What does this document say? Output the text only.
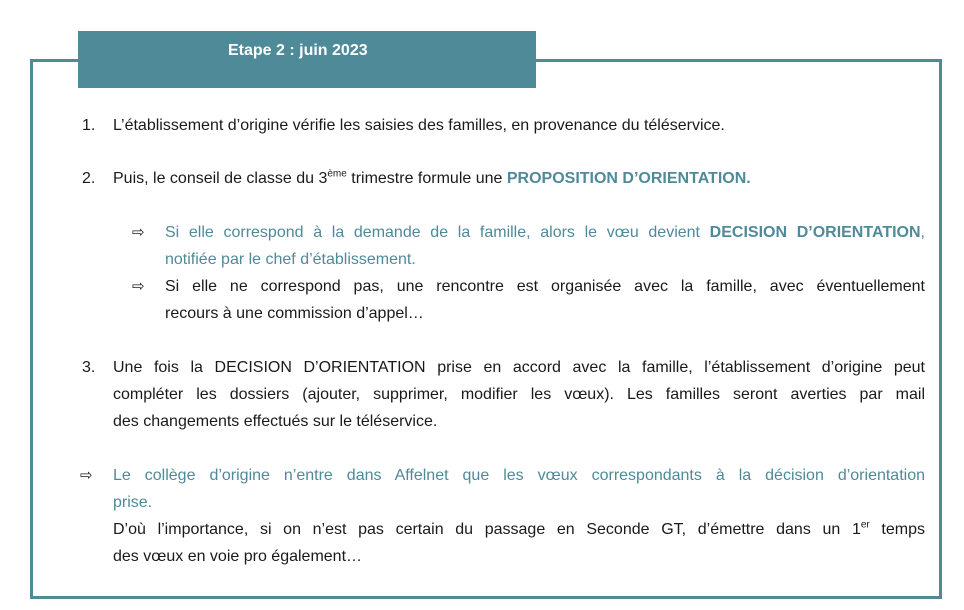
Etape 2 : juin 2023
1. L’établissement d’origine vérifie les saisies des familles, en provenance du téléservice.
2. Puis, le conseil de classe du 3ème trimestre formule une PROPOSITION D’ORIENTATION.
⇨ Si elle correspond à la demande de la famille, alors le vœu devient DECISION D’ORIENTATION,
notifiée par le chef d’établissement.
⇨ Si elle ne correspond pas, une rencontre est organisée avec la famille, avec éventuellement
recours à une commission d’appel…
3. Une fois la DECISION D’ORIENTATION prise en accord avec la famille, l’établissement d’origine peut
compléter les dossiers (ajouter, supprimer, modifier les vœux). Les familles seront averties par mail
des changements effectués sur le téléservice.
⇨ Le collège d’origine n’entre dans Affelnet que les vœux correspondants à la décision d’orientation
prise.
D’où l’importance, si on n’est pas certain du passage en Seconde GT, d’émettre dans un 1er temps
des vœux en voie pro également…
